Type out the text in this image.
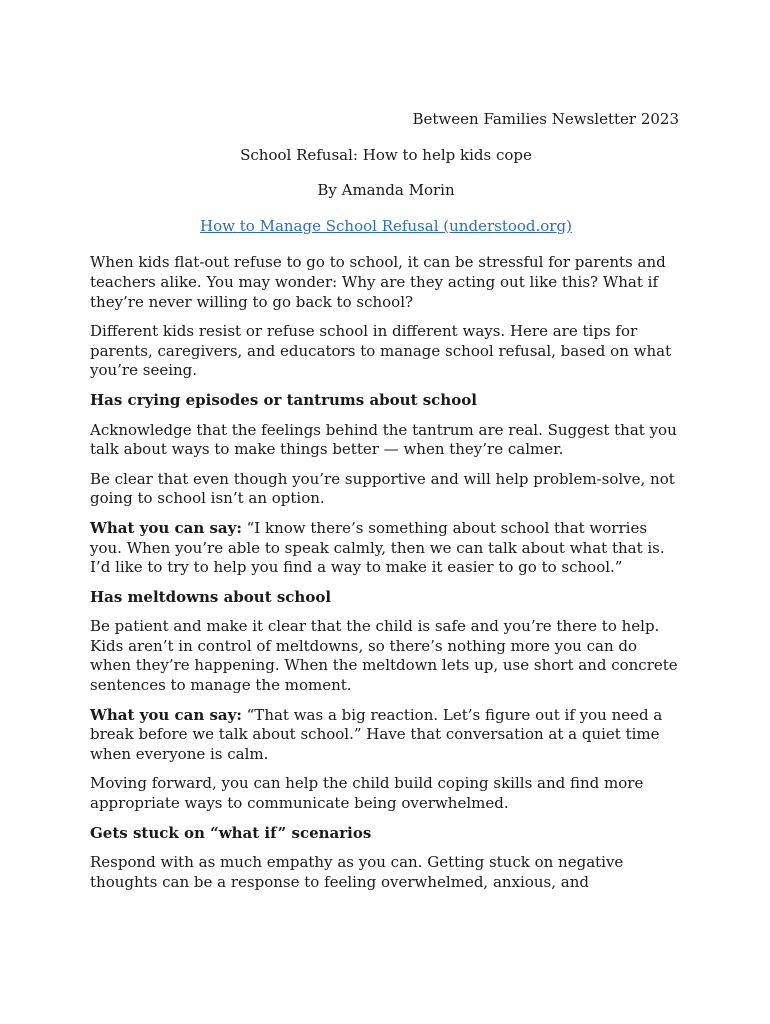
Between Families Newsletter 2023
School Refusal: How to help kids cope
By Amanda Morin
How to Manage School Refusal (understood.org)

When kids flat-out refuse to go to school, it can be stressful for parents and teachers alike. You may wonder: Why are they acting out like this? What if they’re never willing to go back to school?

Different kids resist or refuse school in different ways. Here are tips for parents, caregivers, and educators to manage school refusal, based on what you’re seeing.

Has crying episodes or tantrums about school

Acknowledge that the feelings behind the tantrum are real. Suggest that you talk about ways to make things better — when they’re calmer.

Be clear that even though you’re supportive and will help problem-solve, not going to school isn’t an option.

What you can say: “I know there’s something about school that worries you. When you’re able to speak calmly, then we can talk about what that is. I’d like to try to help you find a way to make it easier to go to school.”

Has meltdowns about school

Be patient and make it clear that the child is safe and you’re there to help. Kids aren’t in control of meltdowns, so there’s nothing more you can do when they’re happening. When the meltdown lets up, use short and concrete sentences to manage the moment.

What you can say: “That was a big reaction. Let’s figure out if you need a break before we talk about school.” Have that conversation at a quiet time when everyone is calm.

Moving forward, you can help the child build coping skills and find more appropriate ways to communicate being overwhelmed.

Gets stuck on “what if” scenarios

Respond with as much empathy as you can. Getting stuck on negative thoughts can be a response to feeling overwhelmed, anxious, and
